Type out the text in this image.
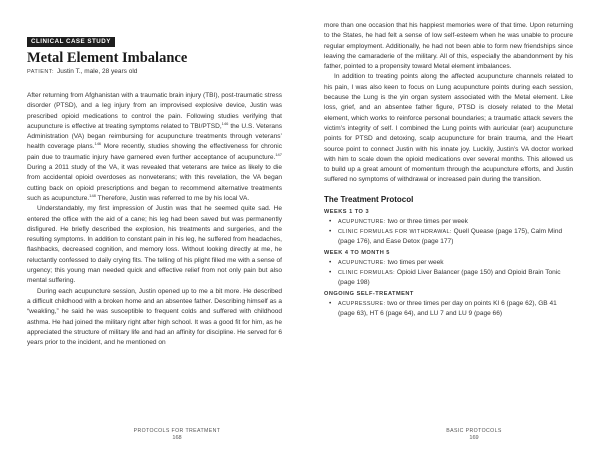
CLINICAL CASE STUDY
Metal Element Imbalance
PATIENT: Justin T., male, 28 years old

After returning from Afghanistan with a traumatic brain injury (TBI), post-traumatic stress disorder (PTSD), and a leg injury from an improvised explosive device, Justin was prescribed opioid medications to control the pain. Following studies verifying that acupuncture is effective at treating symptoms related to TBI/PTSD,$^{146}$ the U.S. Veterans Administration (VA) began reimbursing for acupuncture treatments through veterans’ health coverage plans.$^{146}$ More recently, studies showing the effectiveness for chronic pain due to traumatic injury have garnered even further acceptance of acupuncture.$^{147}$ During a 2011 study of the VA, it was revealed that veterans are twice as likely to die from accidental opioid overdoses as nonveterans; with this revelation, the VA began cutting back on opioid prescriptions and began to recommend alternative treatments such as acupuncture.$^{148}$ Therefore, Justin was referred to me by his local VA.

Understandably, my first impression of Justin was that he seemed quite sad. He entered the office with the aid of a cane; his leg had been saved but was permanently disfigured. He briefly described the explosion, his treatments and surgeries, and the resulting symptoms. In addition to constant pain in his leg, he suffered from headaches, flashbacks, decreased cognition, and memory loss. Without looking directly at me, he reluctantly confessed to daily crying fits. The telling of his plight filled me with a sense of urgency; this young man needed quick and effective relief from not only pain but also mental suffering.

During each acupuncture session, Justin opened up to me a bit more. He described a difficult childhood with a broken home and an absentee father. Describing himself as a “weakling,” he said he was susceptible to frequent colds and suffered with childhood asthma. He had joined the military right after high school. It was a good fit for him, as he appreciated the structure of military life and had an affinity for discipline. He served for 6 years prior to the incident, and he mentioned on

PROTOCOLS FOR TREATMENT
168

more than one occasion that his happiest memories were of that time. Upon returning to the States, he had felt a sense of low self-esteem when he was unable to procure regular employment. Additionally, he had not been able to form new friendships since leaving the camaraderie of the military. All of this, especially the abandonment by his father, pointed to a propensity toward Metal element imbalances.

In addition to treating points along the affected acupuncture channels related to his pain, I was also keen to focus on Lung acupuncture points during each session, because the Lung is the yin organ system associated with the Metal element. Like loss, grief, and an absentee father figure, PTSD is closely related to the Metal element, which works to reinforce personal boundaries; a traumatic attack severs the victim’s integrity of self. I combined the Lung points with auricular (ear) acupuncture points for PTSD and detoxing, scalp acupuncture for brain trauma, and the Heart source point to connect Justin with his innate joy. Luckily, Justin’s VA doctor worked with him to scale down the opioid medications over several months. This allowed us to build up a great amount of momentum through the acupuncture efforts, and Justin suffered no symptoms of withdrawal or increased pain during the transition.

The Treatment Protocol
WEEKS 1 TO 3
• ACUPUNCTURE: two or three times per week
• CLINIC FORMULAS FOR WITHDRAWAL: Quell Quease (page 175), Calm Mind (page 176), and Ease Detox (page 177)
WEEK 4 TO MONTH 5
• ACUPUNCTURE: two times per week
• CLINIC FORMULAS: Opioid Liver Balancer (page 150) and Opioid Brain Tonic (page 198)
ONGOING SELF-TREATMENT
• ACUPRESSURE: two or three times per day on points KI 6 (page 62), GB 41 (page 63), HT 6 (page 64), and LU 7 and LU 9 (page 66)
BASIC PROTOCOLS
169
